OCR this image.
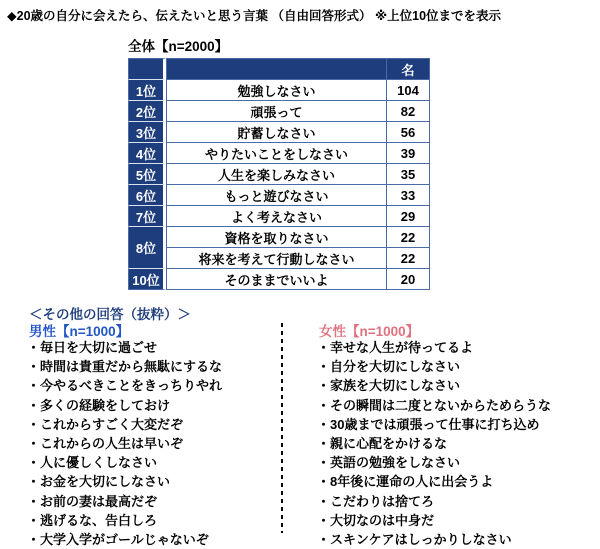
◆20歳の自分に会えたら、伝えたいと思う言葉 （自由回答形式） ※上位10位までを表示
全体【n=2000】
		名
1位	勉強しなさい	104
2位	頑張って	82
3位	貯蓄しなさい	56
4位	やりたいことをしなさい	39
5位	人生を楽しみなさい	35
6位	もっと遊びなさい	33
7位	よく考えなさい	29
8位	資格を取りなさい	22
	将来を考えて行動しなさい	22
10位	そのままでいいよ	20
＜その他の回答（抜粋）＞
男性【n=1000】
・毎日を大切に過ごせ
・時間は貴重だから無駄にするな
・今やるべきことをきっちりやれ
・多くの経験をしておけ
・これからすごく大変だぞ
・これからの人生は早いぞ
・人に優しくしなさい
・お金を大切にしなさい
・お前の妻は最高だぞ
・逃げるな、告白しろ
・大学入学がゴールじゃないぞ
女性【n=1000】
・幸せな人生が待ってるよ
・自分を大切にしなさい
・家族を大切にしなさい
・その瞬間は二度とないからためらうな
・30歳までは頑張って仕事に打ち込め
・親に心配をかけるな
・英語の勉強をしなさい
・8年後に運命の人に出会うよ
・こだわりは捨てろ
・大切なのは中身だ
・スキンケアはしっかりしなさい
